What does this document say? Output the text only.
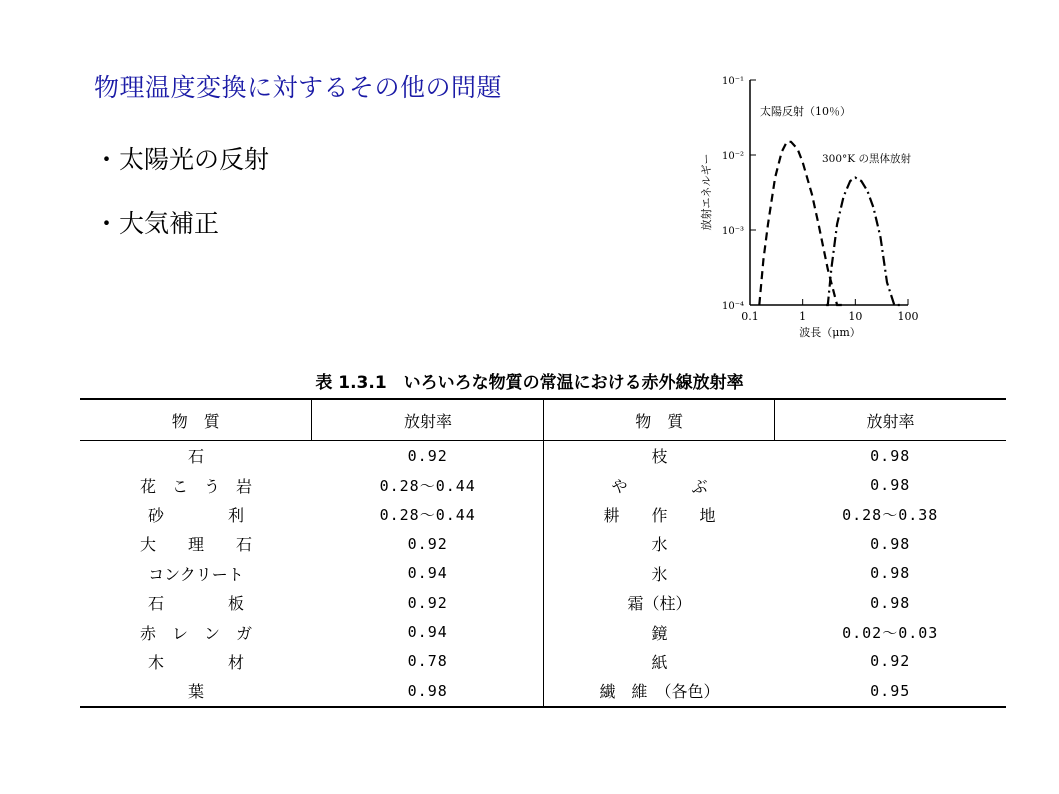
物理温度変換に対するその他の問題
・太陽光の反射
・大気補正	放射エネルギー
波長（μm）
10⁻¹
10⁻²
10⁻³
10⁻⁴
0.1	1	10	100
太陽反射（10％）
300°K の黒体放射
表 1.3.1　いろいろな物質の常温における赤外線放射率
物　質	放射率	物　質	放射率
石	0.92	枝	0.98
花　こ　う　岩	0.28〜0.44	や　　　　ぶ	0.98
砂　　　　利	0.28〜0.44	耕　　作　　地	0.28〜0.38
大　　理　　石	0.92	水	0.98
コンクリート	0.94	氷	0.98
石　　　　板	0.92	霜（柱）	0.98
赤　レ　ン　ガ	0.94	鏡	0.02〜0.03
木　　　　材	0.78	紙	0.92
葉	0.98	繊　維　（各色）	0.95
